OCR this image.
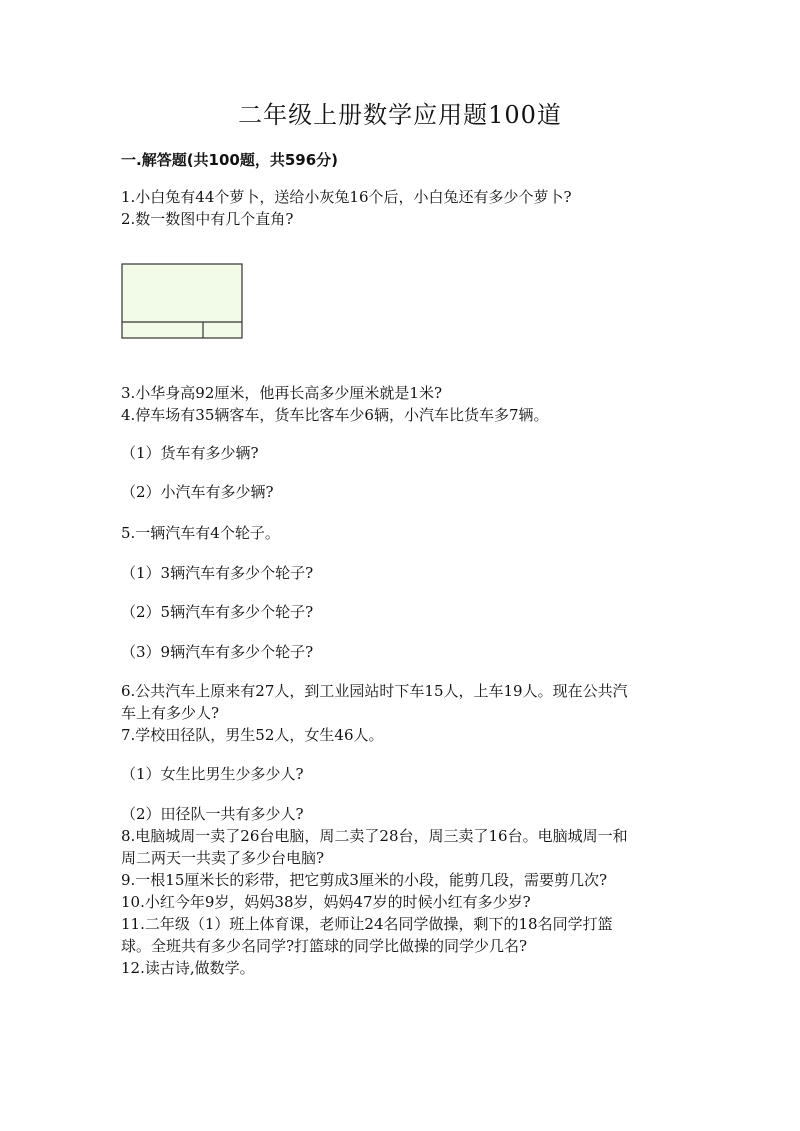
二年级上册数学应用题100道
一.解答题(共100题，共596分)
1.小白兔有44个萝卜，送给小灰兔16个后，小白兔还有多少个萝卜?
2.数一数图中有几个直角?
3.小华身高92厘米，他再长高多少厘米就是1米?
4.停车场有35辆客车，货车比客车少6辆，小汽车比货车多7辆。
（1）货车有多少辆?
（2）小汽车有多少辆?
5.一辆汽车有4个轮子。
（1）3辆汽车有多少个轮子?
（2）5辆汽车有多少个轮子?
（3）9辆汽车有多少个轮子?
6.公共汽车上原来有27人，到工业园站时下车15人，上车19人。现在公共汽
车上有多少人?
7.学校田径队，男生52人，女生46人。
（1）女生比男生少多少人?
（2）田径队一共有多少人?
8.电脑城周一卖了26台电脑，周二卖了28台，周三卖了16台。电脑城周一和
周二两天一共卖了多少台电脑?
9.一根15厘米长的彩带，把它剪成3厘米的小段，能剪几段，需要剪几次?
10.小红今年9岁，妈妈38岁，妈妈47岁的时候小红有多少岁?
11.二年级（1）班上体育课，老师让24名同学做操，剩下的18名同学打篮
球。全班共有多少名同学?打篮球的同学比做操的同学少几名?
12.读古诗,做数学。
